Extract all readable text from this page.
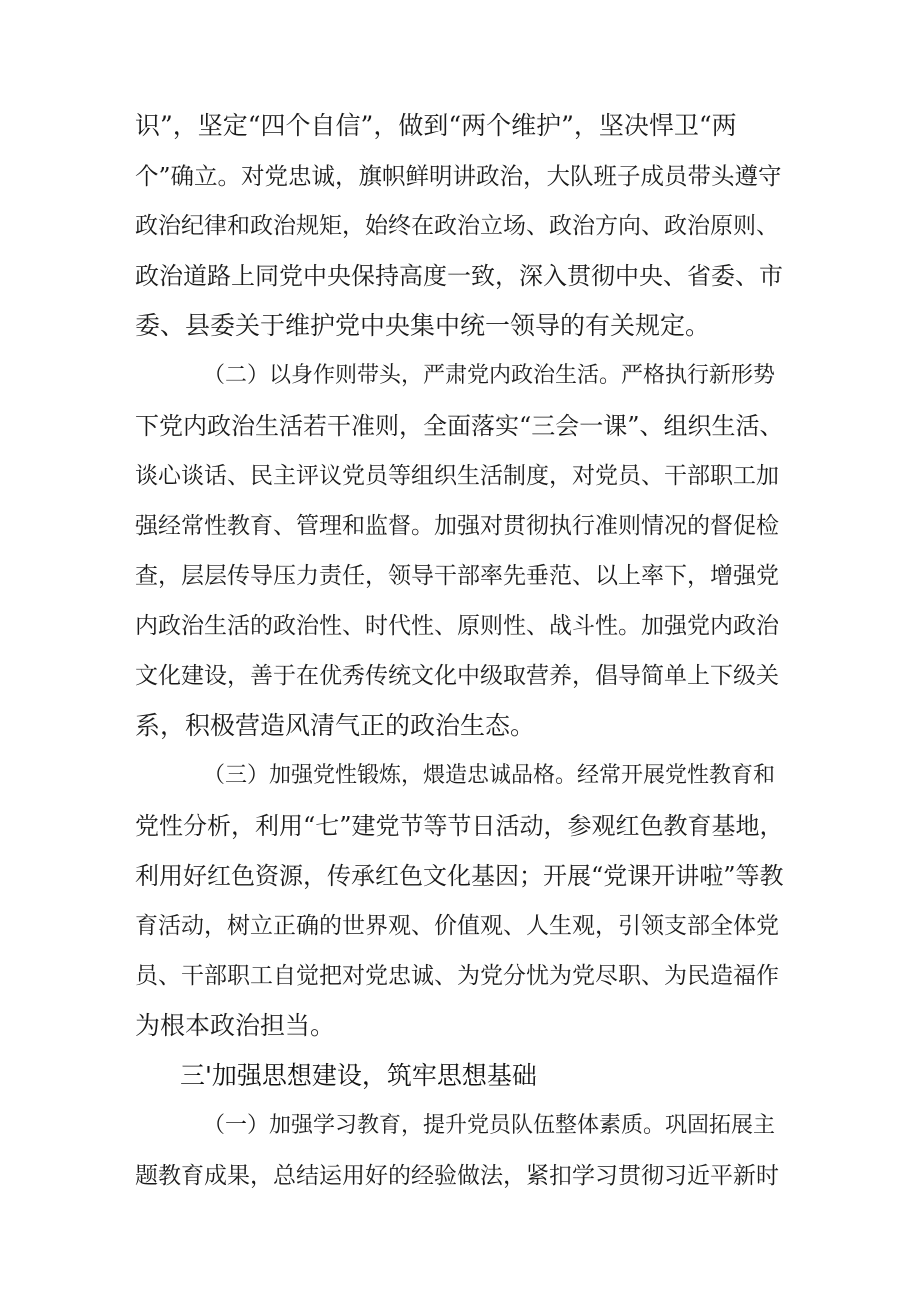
识”，坚定“四个自信”，做到“两个维护”，坚决悍卫“两
个”确立。对党忠诚，旗帜鲜明讲政治，大队班子成员带头遵守
政治纪律和政治规矩，始终在政治立场、政治方向、政治原则、
政治道路上同党中央保持高度一致，深入贯彻中央、省委、市
委、县委关于维护党中央集中统一领导的有关规定。
（二）以身作则带头，严肃党内政治生活。严格执行新形势
下党内政治生活若干准则，全面落实“三会一课”、组织生活、
谈心谈话、民主评议党员等组织生活制度，对党员、干部职工加
强经常性教育、管理和监督。加强对贯彻执行准则情况的督促检
查，层层传导压力责任，领导干部率先垂范、以上率下，增强党
内政治生活的政治性、时代性、原则性、战斗性。加强党内政治
文化建设，善于在优秀传统文化中级取营养，倡导简单上下级关
系，积极营造风清气正的政治生态。
（三）加强党性锻炼，煨造忠诚品格。经常开展党性教育和
党性分析，利用“七”建党节等节日活动，参观红色教育基地，
利用好红色资源，传承红色文化基因；开展“党课开讲啦”等教
育活动，树立正确的世界观、价值观、人生观，引领支部全体党
员、干部职工自觉把对党忠诚、为党分忧为党尽职、为民造福作
为根本政治担当。
三'加强思想建设，筑牢思想基础
（一）加强学习教育，提升党员队伍整体素质。巩固拓展主
题教育成果，总结运用好的经验做法，紧扣学习贯彻习近平新时
